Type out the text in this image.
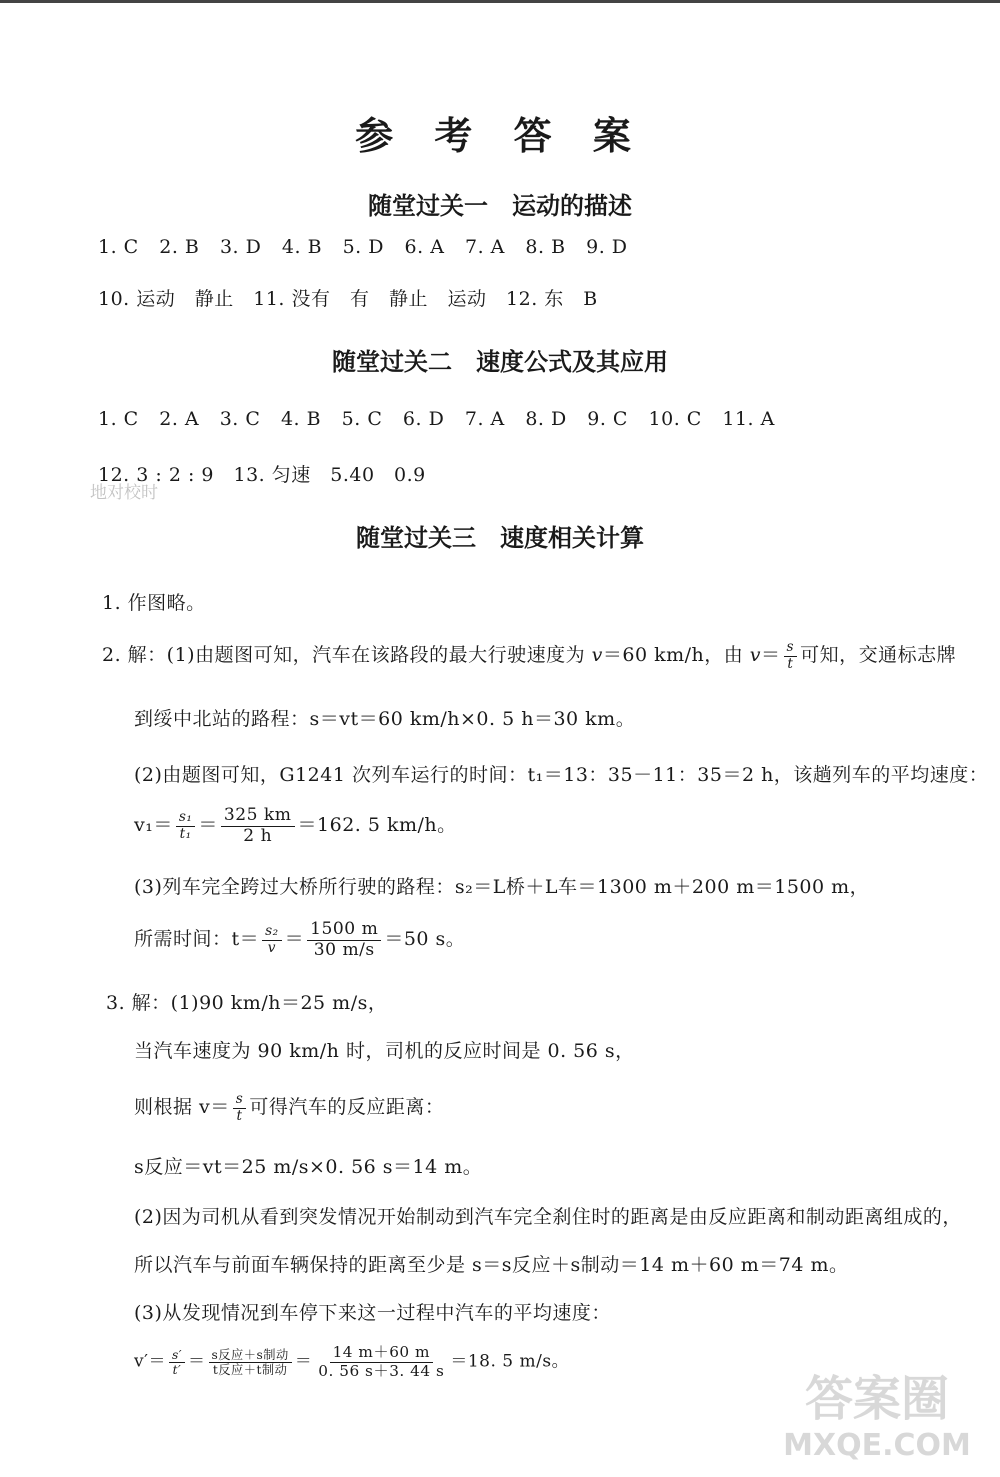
参 考 答 案
随堂过关一 运动的描述
1. C 2. B 3. D 4. B 5. D 6. A 7. A 8. B 9. D
10. 运动　静止　11. 没有　有　静止　运动　12. 东　B
随堂过关二 速度公式及其应用
1. C 2. A 3. C 4. B 5. C 6. D 7. A 8. D 9. C 10. C 11. A
12. 3 : 2 : 9　13. 匀速　5.40　0.9
地对校时
随堂过关三 速度相关计算
1. 作图略。
2. 解：(1)由题图可知，汽车在该路段的最大行驶速度为 v＝60 km/h，由 $v= \frac{s}{t}$ 可知，交通标志牌
到绥中北站的路程：s＝vt＝60 km/h×0. 5 h＝30 km。
(2)由题图可知，G1241 次列车运行的时间：t₁＝13：35－11：35＝2 h，该趟列车的平均速度：
$v_1= \frac{\text{s₁}}{\text{t₁}} = \frac{325 km}{2 h} =162$. 5 km/h。
(3)列车完全跨过大桥所行驶的路程：s₂＝L桥＋L车＝1300 m＋200 m＝1500 m，
所需时间：$t= \frac{\text{s₂}}{v} = \frac{1500 m}{30 m/s} =50$ s。
3. 解：(1)90 km/h＝25 m/s，
当汽车速度为 90 km/h 时，司机的反应时间是 0. 56 s，
则根据 $v= \frac{s}{t}$ 可得汽车的反应距离：
s反应＝vt＝25 m/s×0. 56 s＝14 m。
(2)因为司机从看到突发情况开始制动到汽车完全刹住时的距离是由反应距离和制动距离组成的，
所以汽车与前面车辆保持的距离至少是 s＝s反应＋s制动＝14 m＋60 m＝74 m。
(3)从发现情况到车停下来这一过程中汽车的平均速度：
$v'= \frac{s'}{t'} = \frac{\text{s反应＋s制动}}{\text{t反应＋t制动}} = \frac{14 m+60 m}{0. 56 s+3. 44 s} =18$. 5 m/s。
答案圈
MXQE.COM
